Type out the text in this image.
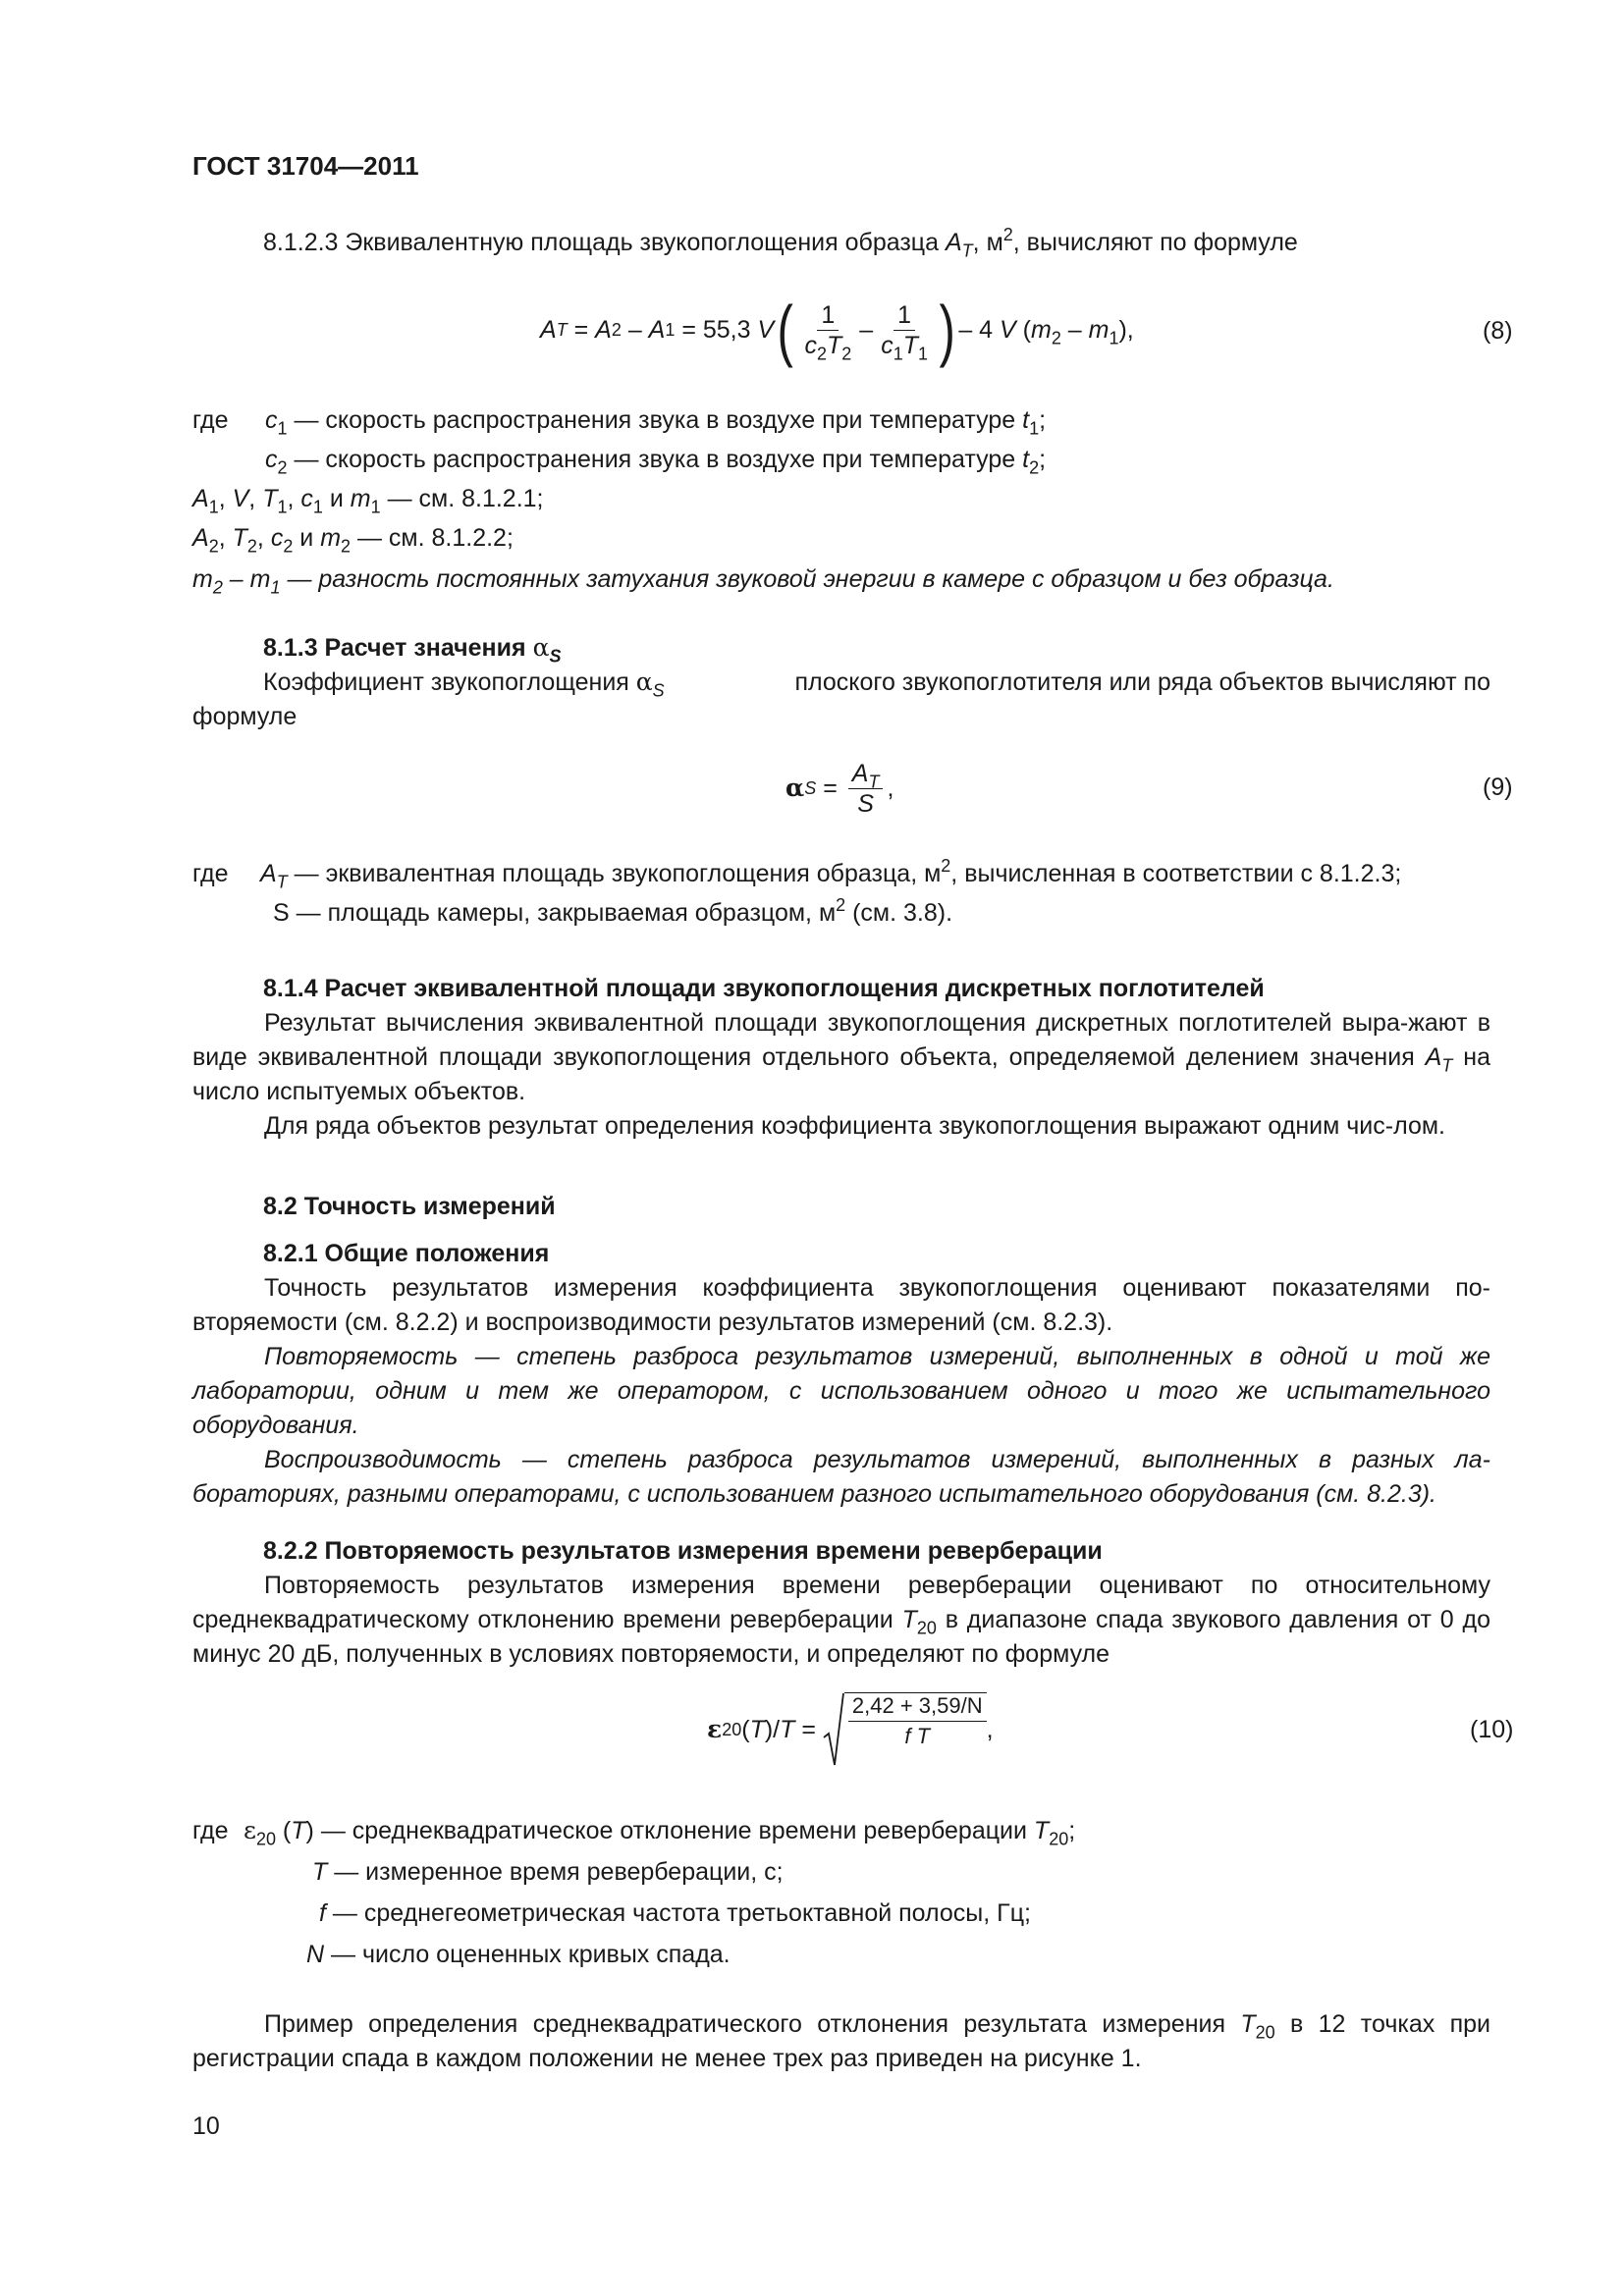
ГОСТ 31704—2011
8.1.2.3 Эквивалентную площадь звукопоглощения образца $A_T$, $м^2$, вычисляют по формуле
A T = A 2 – A 1 = 55,3 V ( $\frac{1}{c_2T_2} - \frac{1}{c_1T_1}$ ) – 4 V $(m_2 - m_1)$,	(8)
где $c_1$ — скорость распространения звука в воздухе при температуре $t_1$;
$c_2$ — скорость распространения звука в воздухе при температуре $t_2$;
$A_1$, V, $T_1$, $c_1$ и $m_1$ — см. 8.1.2.1;
$A_2$, $T_2$, $c_2$ и $m_2$ — см. 8.1.2.2;
$m_2 - m_1$ — разность постоянных затухания звуковой энергии в камере с образцом и без образца.
8.1.3 Расчет значения $\alpha_S$
Коэффициент звукопоглощения $\alpha_S$	плоского звукопоглотителя или ряда объектов вычисляют по
формуле
α $S = \frac{A_T}{S}$ ,	(9)
где $A_T$ — эквивалентная площадь звукопоглощения образца, $м^2$, вычисленная в соответствии с 8.1.2.3;
S — площадь камеры, закрываемая образцом, $м^2$ (см. 3.8).
8.1.4 Расчет эквивалентной площади звукопоглощения дискретных поглотителей

Результат вычисления эквивалентной площади звукопоглощения дискретных поглотителей выра-жают в виде эквивалентной площади звукопоглощения отдельного объекта, определяемой делением значения $A_T$ на число испытуемых объектов.

Для ряда объектов результат определения коэффициента звукопоглощения выражают одним чис-лом.

8.2 Точность измерений
8.2.1 Общие положения

Точность результатов измерения коэффициента звукопоглощения оценивают показателями по-вторяемости (см. 8.2.2) и воспроизводимости результатов измерений (см. 8.2.3).

Повторяемость — степень разброса результатов измерений, выполненных в одной и той же лаборатории, одним и тем же оператором, с использованием одного и того же испытательного оборудования.

Воспроизводимость — степень разброса результатов измерений, выполненных в разных ла-бораториях, разными операторами, с использованием разного испытательного оборудования (см. 8.2.3).

8.2.2 Повторяемость результатов измерения времени реверберации

Повторяемость результатов измерения времени реверберации оценивают по относительному среднеквадратическому отклонению времени реверберации $T_{20}$ в диапазоне спада звукового давления от 0 до минус 20 дБ, полученных в условиях повторяемости, и определяют по формуле

ε 20 ( T )/ $T = \frac{2,42 + 3,59/N}{\text{f T}}$ ,	(10)
где $\varepsilon_{20}$ (T) — среднеквадратическое отклонение времени реверберации $T_{20}$;
T — измеренное время реверберации, с;
f — среднегеометрическая частота третьоктавной полосы, Гц;
N — число оцененных кривых спада.

Пример определения среднеквадратического отклонения результата измерения $T_{20}$ в 12 точках при регистрации спада в каждом положении не менее трех раз приведен на рисунке 1.

10
